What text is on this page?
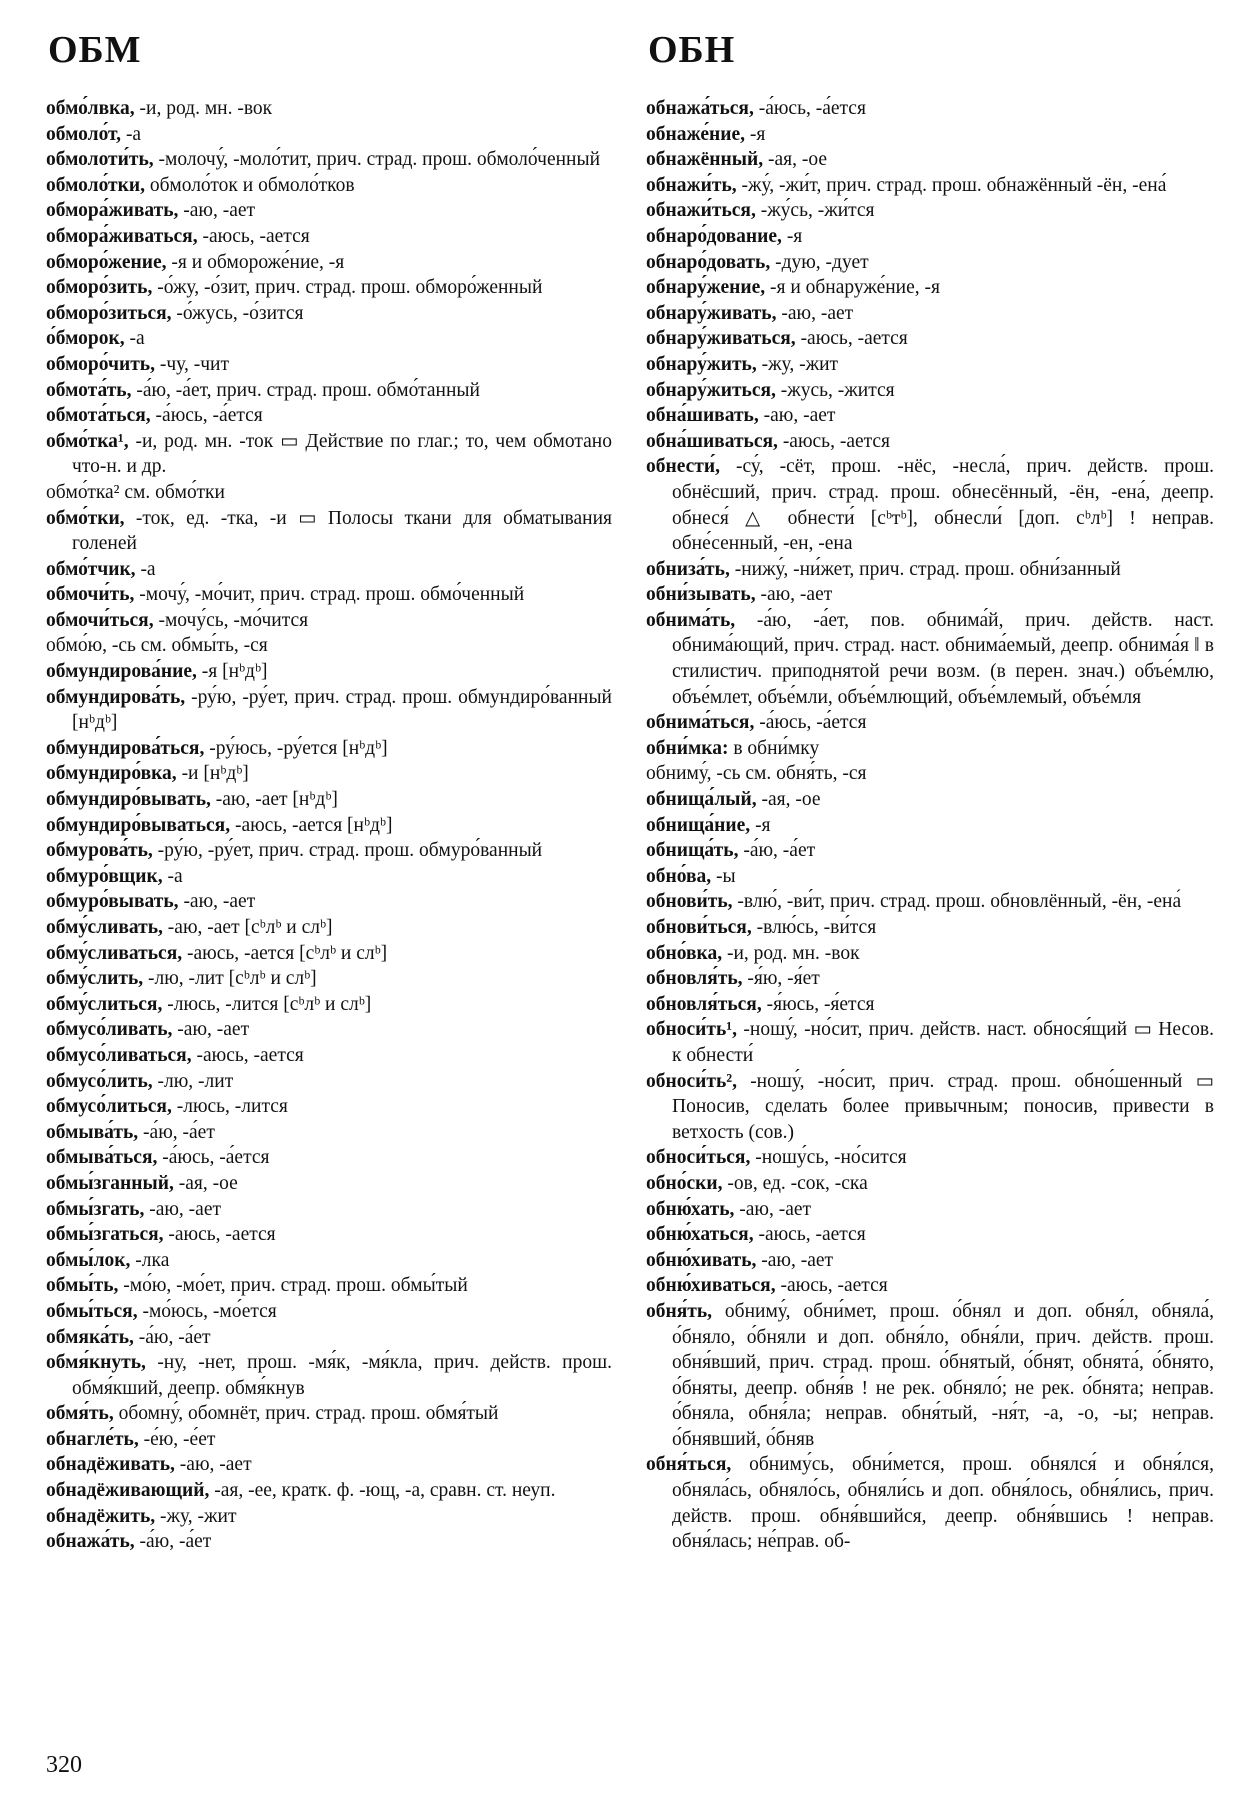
ОБМ	ОБН

обмо́лвка, -и, род. мн. -вок

обмоло́т, -а

обмолоти́ть, -молочу́, -моло́тит, прич. страд. прош. обмоло́ченный

обмоло́тки, обмоло́ток и обмоло́тков

обмора́живать, -аю, -ает

обмора́живаться, -аюсь, -ается

обморо́жение, -я и обмороже́ние, -я

обморо́зить, -о́жу, -о́зит, прич. страд. прош. обморо́женный

обморо́зиться, -о́жусь, -о́зится

о́бморок, -а

обморо́чить, -чу, -чит

обмота́ть, -а́ю, -а́ет, прич. страд. прош. обмо́танный

обмота́ться, -а́юсь, -а́ется

обмо́тка¹, -и, род. мн. -ток ▭ Действие по глаг.; то, чем обмотано что-н. и др.

обмо́тка² см. обмо́тки

обмо́тки, -ток, ед. -тка, -и ▭ Полосы ткани для обматывания голеней

обмо́тчик, -а

обмочи́ть, -мочу́, -мо́чит, прич. страд. прош. обмо́ченный

обмочи́ться, -мочу́сь, -мо́чится

обмо́ю, -сь см. обмы́ть, -ся

обмундирова́ние, -я [нᵇдᵇ]

обмундирова́ть, -ру́ю, -ру́ет, прич. страд. прош. обмундиро́ванный [нᵇдᵇ]

обмундирова́ться, -ру́юсь, -ру́ется [нᵇдᵇ]

обмундиро́вка, -и [нᵇдᵇ]

обмундиро́вывать, -аю, -ает [нᵇдᵇ]

обмундиро́вываться, -аюсь, -ается [нᵇдᵇ]

обмурова́ть, -ру́ю, -ру́ет, прич. страд. прош. обмуро́ванный

обмуро́вщик, -а

обмуро́вывать, -аю, -ает

обму́сливать, -аю, -ает [сᵇлᵇ и слᵇ]

обму́сливаться, -аюсь, -ается [сᵇлᵇ и слᵇ]

обму́слить, -лю, -лит [сᵇлᵇ и слᵇ]

обму́слиться, -люсь, -лится [сᵇлᵇ и слᵇ]

обмусо́ливать, -аю, -ает

обмусо́ливаться, -аюсь, -ается

обмусо́лить, -лю, -лит

обмусо́литься, -люсь, -лится

обмыва́ть, -а́ю, -а́ет

обмыва́ться, -а́юсь, -а́ется

обмы́зганный, -ая, -ое

обмы́згать, -аю, -ает

обмы́згаться, -аюсь, -ается

обмы́лок, -лка

обмы́ть, -мо́ю, -мо́ет, прич. страд. прош. обмы́тый

обмы́ться, -мо́юсь, -мо́ется

обмяка́ть, -а́ю, -а́ет

обмя́кнуть, -ну, -нет, прош. -мя́к, -мя́кла, прич. действ. прош. обмя́кший, деепр. обмя́кнув

обмя́ть, обомну́, обомнёт, прич. страд. прош. обмя́тый

обнагле́ть, -е́ю, -е́ет

обнадёживать, -аю, -ает

обнадёживающий, -ая, -ее, кратк. ф. -ющ, -а, сравн. ст. неуп.

обнадёжить, -жу, -жит

обнажа́ть, -а́ю, -а́ет

обнажа́ться, -а́юсь, -а́ется

обнаже́ние, -я

обнажённый, -ая, -ое

обнажи́ть, -жу́, -жи́т, прич. страд. прош. обнажённый -ён, -ена́

обнажи́ться, -жу́сь, -жи́тся

обнаро́дование, -я

обнаро́довать, -дую, -дует

обнару́жение, -я и обнаруже́ние, -я

обнару́живать, -аю, -ает

обнару́живаться, -аюсь, -ается

обнару́жить, -жу, -жит

обнару́житься, -жусь, -жится

обна́шивать, -аю, -ает

обна́шиваться, -аюсь, -ается

обнести́, -су́, -сёт, прош. -нёс, -несла́, прич. действ. прош. обнёсший, прич. страд. прош. обнесённый, -ён, -ена́, деепр. обнеся́ △ обнести́ [сᵇтᵇ], обнесли́ [доп. сᵇлᵇ] ! неправ. обне́сенный, -ен, -ена

обниза́ть, -нижу́, -ни́жет, прич. страд. прош. обни́занный

обни́зывать, -аю, -ает

обнима́ть, -а́ю, -а́ет, пов. обнима́й, прич. действ. наст. обнима́ющий, прич. страд. наст. обнима́емый, деепр. обнима́я ‖ в стилистич. приподнятой речи возм. (в перен. знач.) объе́млю, объе́млет, объе́мли, объе́млющий, объе́млемый, объе́мля

обнима́ться, -а́юсь, -а́ется

обни́мка: в обни́мку

обниму́, -сь см. обня́ть, -ся

обнища́лый, -ая, -ое

обнища́ние, -я

обнища́ть, -а́ю, -а́ет

обно́ва, -ы

обнови́ть, -влю́, -ви́т, прич. страд. прош. обновлённый, -ён, -ена́

обнови́ться, -влю́сь, -ви́тся

обно́вка, -и, род. мн. -вок

обновля́ть, -я́ю, -я́ет

обновля́ться, -я́юсь, -я́ется

обноси́ть¹, -ношу́, -но́сит, прич. действ. наст. обнося́щий ▭ Несов. к обнести́

обноси́ть², -ношу́, -но́сит, прич. страд. прош. обно́шенный ▭ Поносив, сделать более привычным; поносив, привести в ветхость (сов.)

обноси́ться, -ношу́сь, -но́сится

обно́ски, -ов, ед. -сок, -ска

обню́хать, -аю, -ает

обню́хаться, -аюсь, -ается

обню́хивать, -аю, -ает

обню́хиваться, -аюсь, -ается

обня́ть, обниму́, обни́мет, прош. о́бнял и доп. обня́л, обняла́, о́бняло, о́бняли и доп. обня́ло, обня́ли, прич. действ. прош. обня́вший, прич. страд. прош. о́бнятый, о́бнят, обнята́, о́бнято, о́бняты, деепр. обня́в ! не рек. обняло́; не рек. о́бнята; неправ. о́бняла, обня́ла; неправ. обня́тый, -ня́т, -а, -о, -ы; неправ. о́бнявший, о́бняв

обня́ться, обниму́сь, обни́мется, прош. обнялся́ и обня́лся, обняла́сь, обняло́сь, обняли́сь и доп. обня́лось, обня́лись, прич. действ. прош. обня́вшийся, деепр. обня́вшись ! неправ. обня́лась; не́прав. об-

320
